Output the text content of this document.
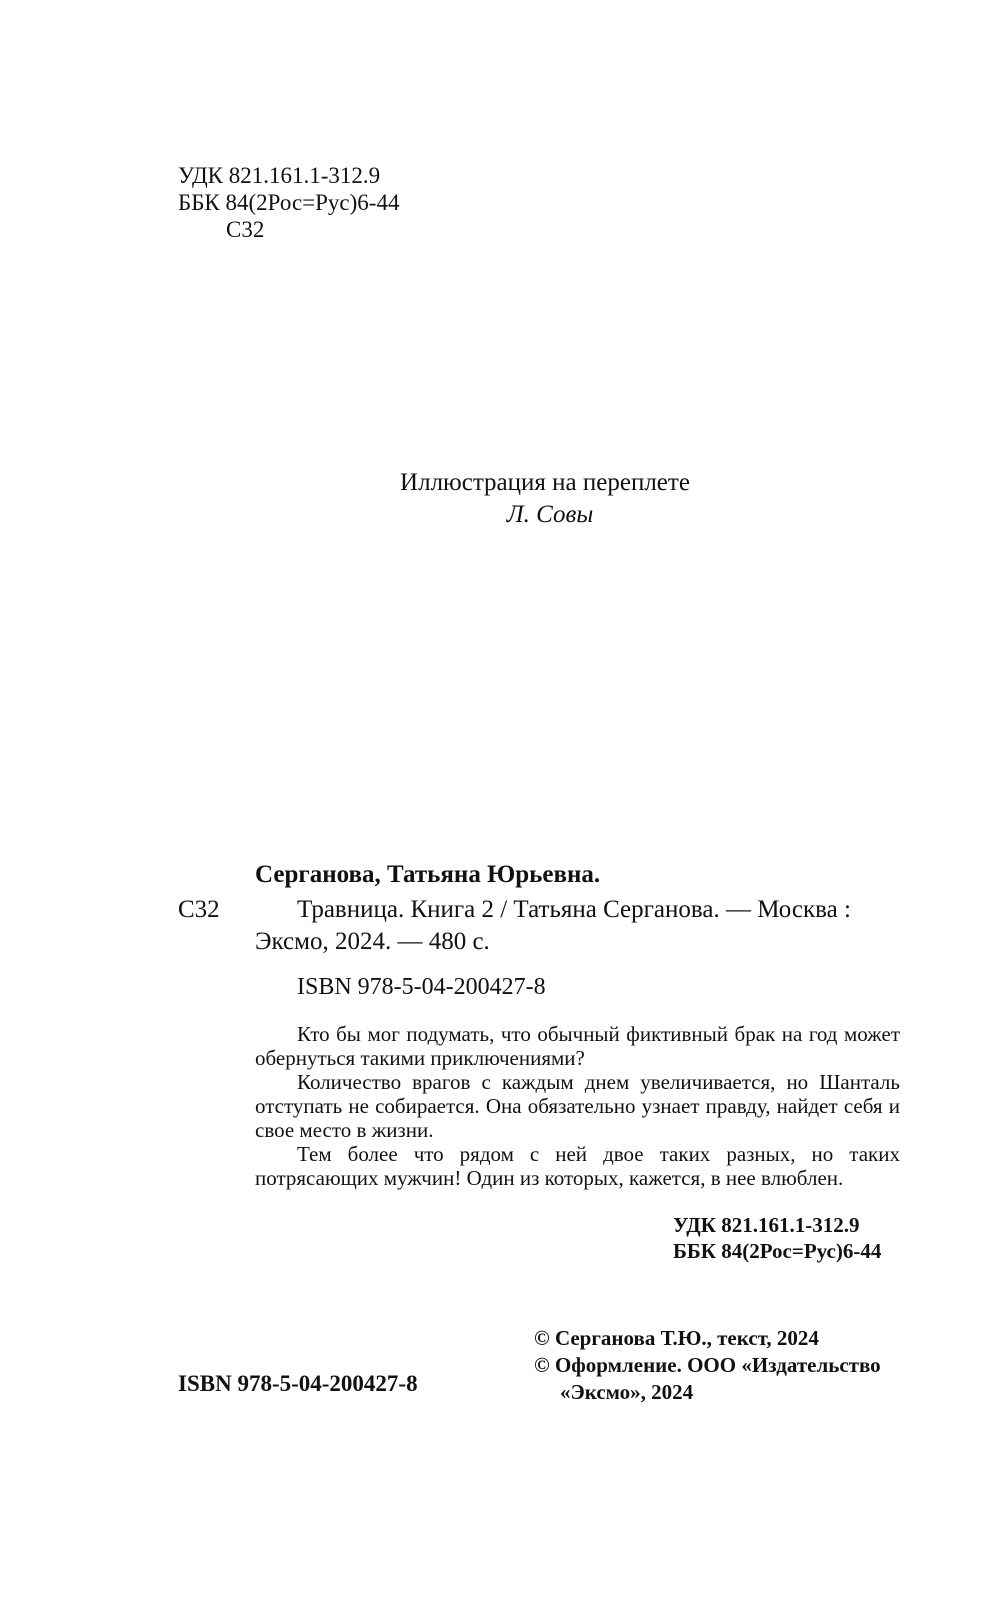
УДК 821.161.1-312.9
ББК 84(2Рос=Рус)6-44
С32
Иллюстрация на переплете
Л. Совы
Серганова, Татьяна Юрьевна.
С32	Травница. Книга 2 / Татьяна Серганова. — Москва :
Эксмо, 2024. — 480 с.
ISBN 978-5-04-200427-8

Кто бы мог подумать, что обычный фиктивный брак на год может обернуться такими приключениями?

Количество врагов с каждым днем увеличивается, но Шанталь отступать не собирается. Она обязательно узнает правду, найдет себя и свое место в жизни.

Тем более что рядом с ней двое таких разных, но таких потрясающих мужчин! Один из которых, кажется, в нее влюблен.

УДК 821.161.1-312.9
ББК 84(2Рос=Рус)6-44
© Серганова Т.Ю., текст, 2024
© Оформление. ООО «Издательство
«Эксмо», 2024
ISBN 978-5-04-200427-8
